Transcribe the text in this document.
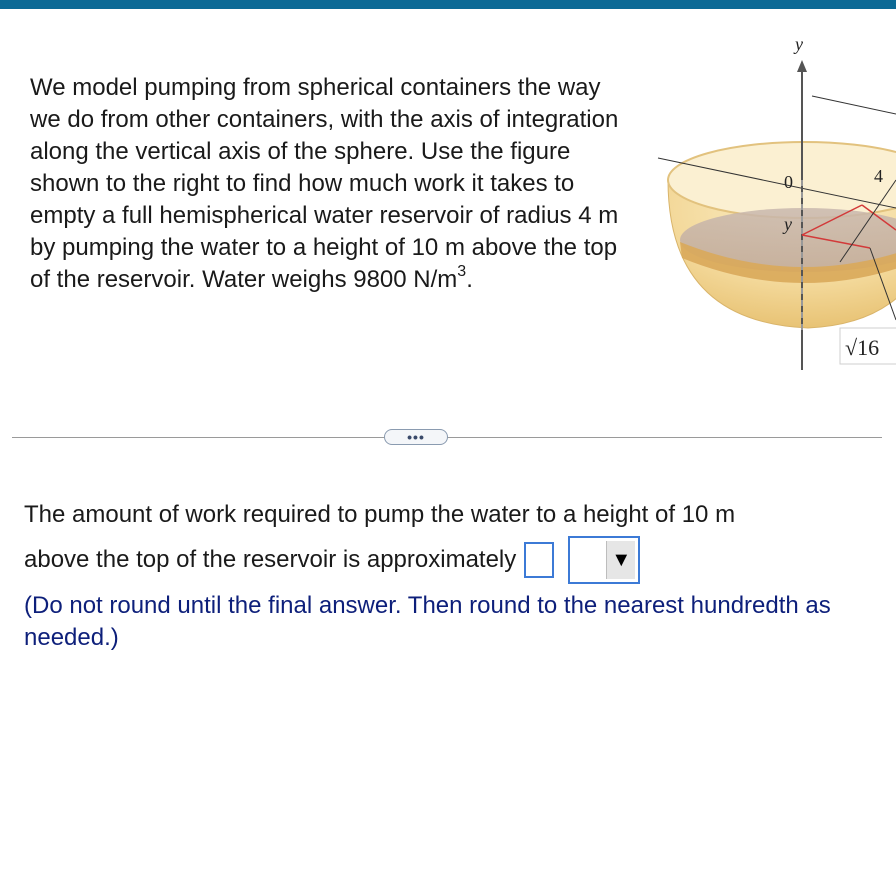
We model pumping from spherical containers the way we do from other containers, with the axis of integration along the vertical axis of the sphere. Use the figure shown to the right to find how much work it takes to empty a full hemispherical water reservoir of radius 4 m by pumping the water to a height of 10 m above the top of the reservoir. Water weighs 9800 $N/m^3$.
y
0
y
4
√16
•••
The amount of work required to pump the water to a height of 10 m
above the top of the reservoir is approximately	▼
(Do not round until the final answer. Then round to the nearest hundredth as needed.)
